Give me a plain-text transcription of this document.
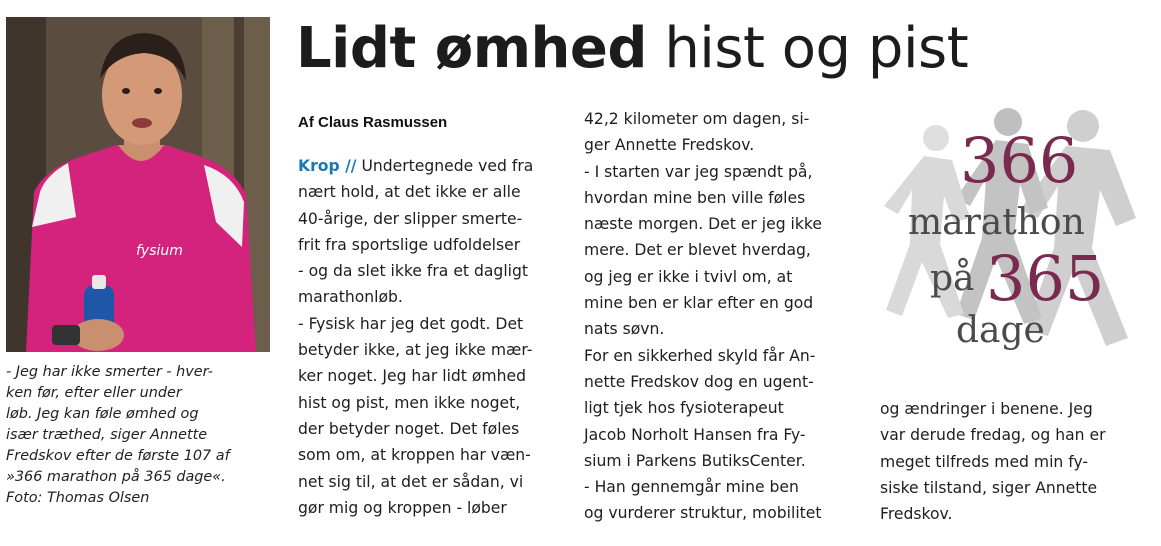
fysium
- Jeg har ikke smerter - hver-
ken før, efter eller under
løb. Jeg kan føle ømhed og
især træthed, siger Annette
Fredskov efter de første 107 af
»366 marathon på 365 dage«.
Foto: Thomas Olsen
Lidt ømhed hist og pist
Af Claus Rasmussen
Krop // Undertegnede ved fra
nært hold, at det ikke er alle
40-årige, der slipper smerte-
frit fra sportslige udfoldelser
- og da slet ikke fra et dagligt
marathonløb.
- Fysisk har jeg det godt. Det
betyder ikke, at jeg ikke mær-
ker noget. Jeg har lidt ømhed
hist og pist, men ikke noget,
der betyder noget. Det føles
som om, at kroppen har væn-
net sig til, at det er sådan, vi
gør mig og kroppen - løber
42,2 kilometer om dagen, si-
ger Annette Fredskov.
- I starten var jeg spændt på,
hvordan mine ben ville føles
næste morgen. Det er jeg ikke
mere. Det er blevet hverdag,
og jeg er ikke i tvivl om, at
mine ben er klar efter en god
nats søvn.
For en sikkerhed skyld får An-
nette Fredskov dog en ugent-
ligt tjek hos fysioterapeut
Jacob Norholt Hansen fra Fy-
sium i Parkens ButiksCenter.
- Han gennemgår mine ben
og vurderer struktur, mobilitet
366
marathon
på 365
dage
og ændringer i benene. Jeg
var derude fredag, og han er
meget tilfreds med min fy-
siske tilstand, siger Annette
Fredskov.
